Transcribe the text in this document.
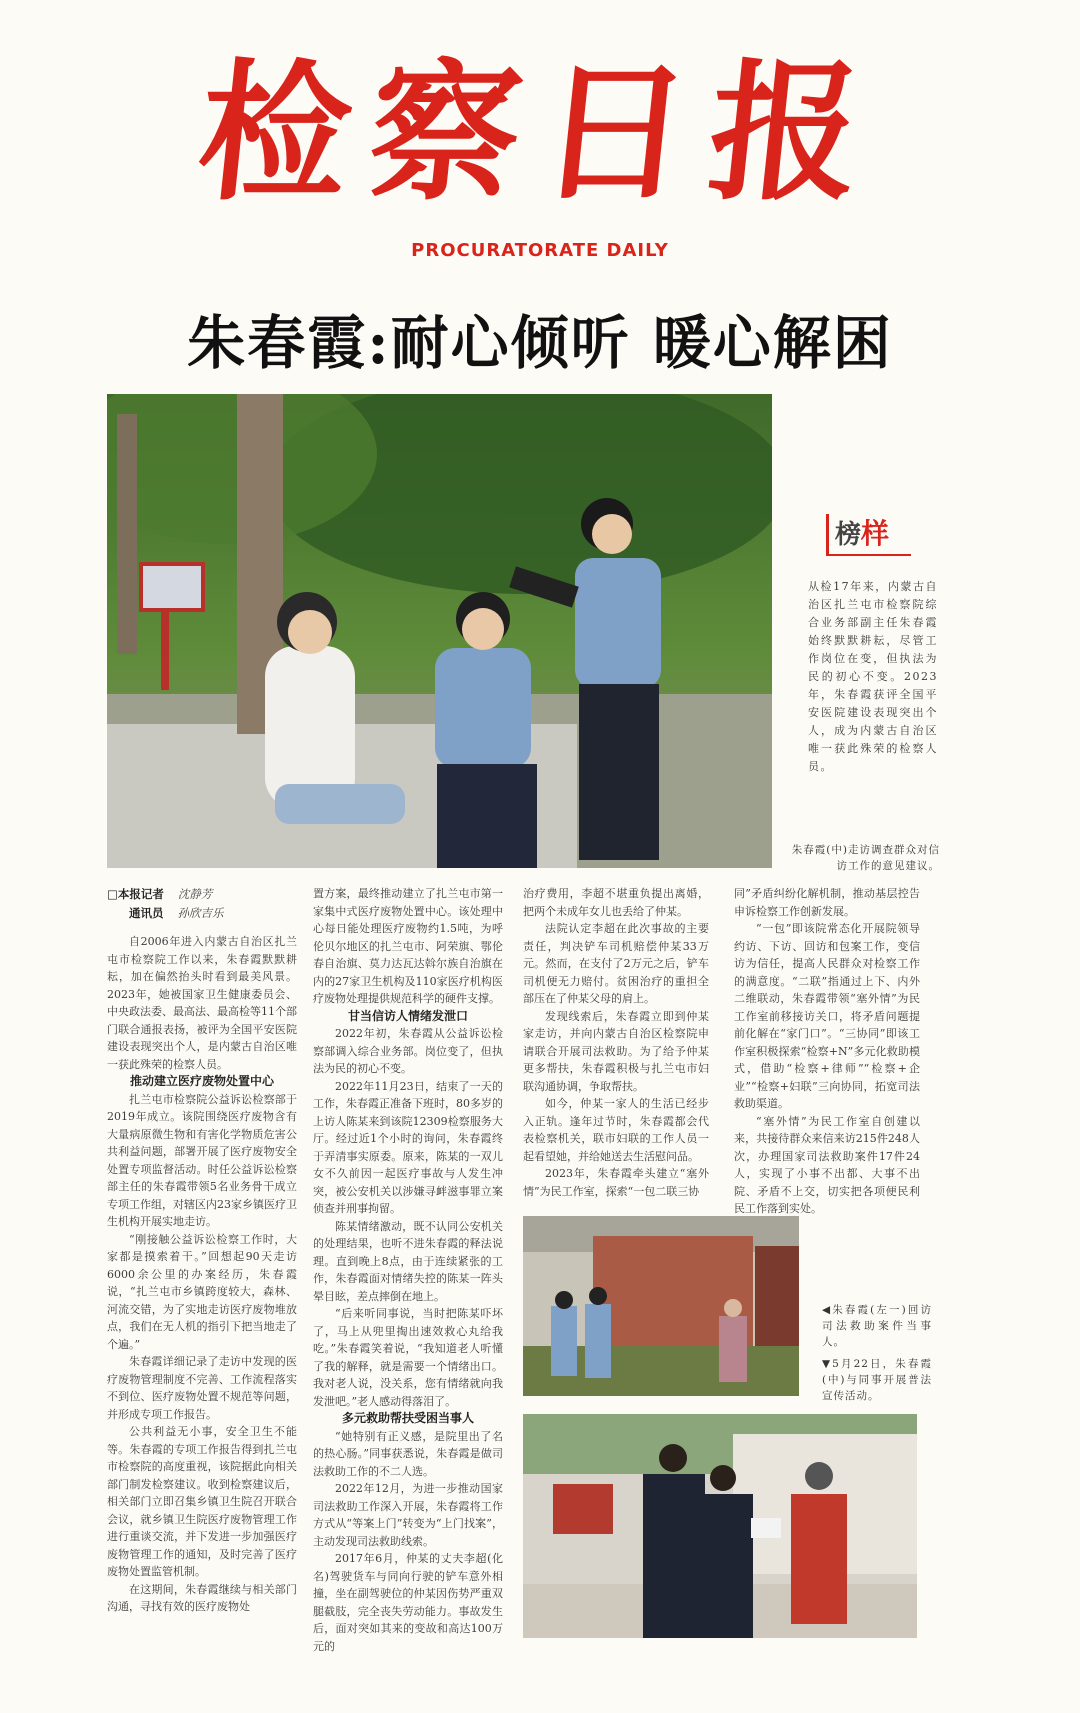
检察日报
PROCURATORATE DAILY
朱春霞:耐心倾听 暖心解困
榜样
从检17年来，内蒙古自治区扎兰屯市检察院综合业务部副主任朱春霞始终默默耕耘，尽管工作岗位在变，但执法为民的初心不变。2023年，朱春霞获评全国平安医院建设表现突出个人，成为内蒙古自治区唯一获此殊荣的检察人员。
朱春霞(中)走访调查群众对信访工作的意见建议。
□本报记者 沈静芳
通讯员 孙欣吉乐

自2006年进入内蒙古自治区扎兰屯市检察院工作以来，朱春霞默默耕耘，加在偏然抬头时看到最美风景。2023年，她被国家卫生健康委员会、中央政法委、最高法、最高检等11个部门联合通报表扬，被评为全国平安医院建设表现突出个人，是内蒙古自治区唯一获此殊荣的检察人员。

推动建立医疗废物处置中心

扎兰屯市检察院公益诉讼检察部于2019年成立。该院围绕医疗废物含有大量病原微生物和有害化学物质危害公共利益问题，部署开展了医疗废物安全处置专项监督活动。时任公益诉讼检察部主任的朱春霞带领5名业务骨干成立专项工作组，对辖区内23家乡镇医疗卫生机构开展实地走访。

“刚接触公益诉讼检察工作时，大家都是摸索着干。”回想起90天走访6000余公里的办案经历，朱春霞说，“扎兰屯市乡镇跨度较大，森林、河流交错，为了实地走访医疗废物堆放点，我们在无人机的指引下把当地走了个遍。”

朱春霞详细记录了走访中发现的医疗废物管理制度不完善、工作流程落实不到位、医疗废物处置不规范等问题，并形成专项工作报告。

公共利益无小事，安全卫生不能等。朱春霞的专项工作报告得到扎兰屯市检察院的高度重视，该院据此向相关部门制发检察建议。收到检察建议后，相关部门立即召集乡镇卫生院召开联合会议，就乡镇卫生院医疗废物管理工作进行重谈交流，并下发进一步加强医疗废物管理工作的通知，及时完善了医疗废物处置监管机制。

在这期间，朱春霞继续与相关部门沟通，寻找有效的医疗废物处

置方案，最终推动建立了扎兰屯市第一家集中式医疗废物处置中心。该处理中心每日能处理医疗废物约1.5吨，为呼伦贝尔地区的扎兰屯市、阿荣旗、鄂伦春自治旗、莫力达瓦达斡尔族自治旗在内的27家卫生机构及110家医疗机构医疗废物处理提供规范科学的硬件支撑。

甘当信访人情绪发泄口

2022年初，朱春霞从公益诉讼检察部调入综合业务部。岗位变了，但执法为民的初心不变。

2022年11月23日，结束了一天的工作，朱春霞正准备下班时，80多岁的上访人陈某来到该院12309检察服务大厅。经过近1个小时的询问，朱春霞终于弄清事实原委。原来，陈某的一双儿女不久前因一起医疗事故与人发生冲突，被公安机关以涉嫌寻衅滋事罪立案侦查并刑事拘留。

陈某情绪激动，既不认同公安机关的处理结果，也听不进朱春霞的释法说理。直到晚上8点，由于连续紧张的工作，朱春霞面对情绪失控的陈某一阵头晕目眩，差点摔倒在地上。

“后来听同事说，当时把陈某吓坏了，马上从兜里掏出速效救心丸给我吃。”朱春霞笑着说，“我知道老人听懂了我的解释，就是需要一个情绪出口。我对老人说，没关系，您有情绪就向我发泄吧。”老人感动得落泪了。

多元救助帮扶受困当事人

“她特别有正义感，是院里出了名的热心肠。”同事获悉说，朱春霞是做司法救助工作的不二人选。

2022年12月，为进一步推动国家司法救助工作深入开展，朱春霞将工作方式从“等案上门”转变为“上门找案”，主动发现司法救助线索。

2017年6月，仲某的丈夫李超(化名)驾驶货车与同向行驶的铲车意外相撞，坐在副驾驶位的仲某因伤势严重双腿截肢，完全丧失劳动能力。事故发生后，面对突如其来的变故和高达100万元的

治疗费用，李超不堪重负提出离婚，把两个未成年女儿也丢给了仲某。

法院认定李超在此次事故的主要责任，判决铲车司机赔偿仲某33万元。然而，在支付了2万元之后，铲车司机便无力赔付。贫困治疗的重担全部压在了仲某父母的肩上。

发现线索后，朱春霞立即到仲某家走访，并向内蒙古自治区检察院申请联合开展司法救助。为了给予仲某更多帮扶，朱春霞积极与扎兰屯市妇联沟通协调，争取帮扶。

如今，仲某一家人的生活已经步入正轨。逢年过节时，朱春霞都会代表检察机关，联市妇联的工作人员一起看望她，并给她送去生活慰问品。

2023年，朱春霞牵头建立“塞外情”为民工作室，探索“一包二联三协

同”矛盾纠纷化解机制，推动基层控告申诉检察工作创新发展。

“一包”即该院常态化开展院领导约访、下访、回访和包案工作，变信访为信任，提高人民群众对检察工作的满意度。“二联”指通过上下、内外二维联动，朱春霞带领“塞外情”为民工作室前移接访关口，将矛盾问题提前化解在“家门口”。“三协同”即该工作室积极探索“检察+N”多元化救助模式，借助“检察+律师”“检察+企业”“检察+妇联”三向协同，拓宽司法救助渠道。

“塞外情”为民工作室自创建以来，共接待群众来信来访215件248人次，办理国家司法救助案件17件24人，实现了小事不出都、大事不出院、矛盾不上交，切实把各项便民利民工作落到实处。

◀朱春霞(左一)回访司法救助案件当事人。
▼5月22日，朱春霞(中)与同事开展普法宣传活动。
